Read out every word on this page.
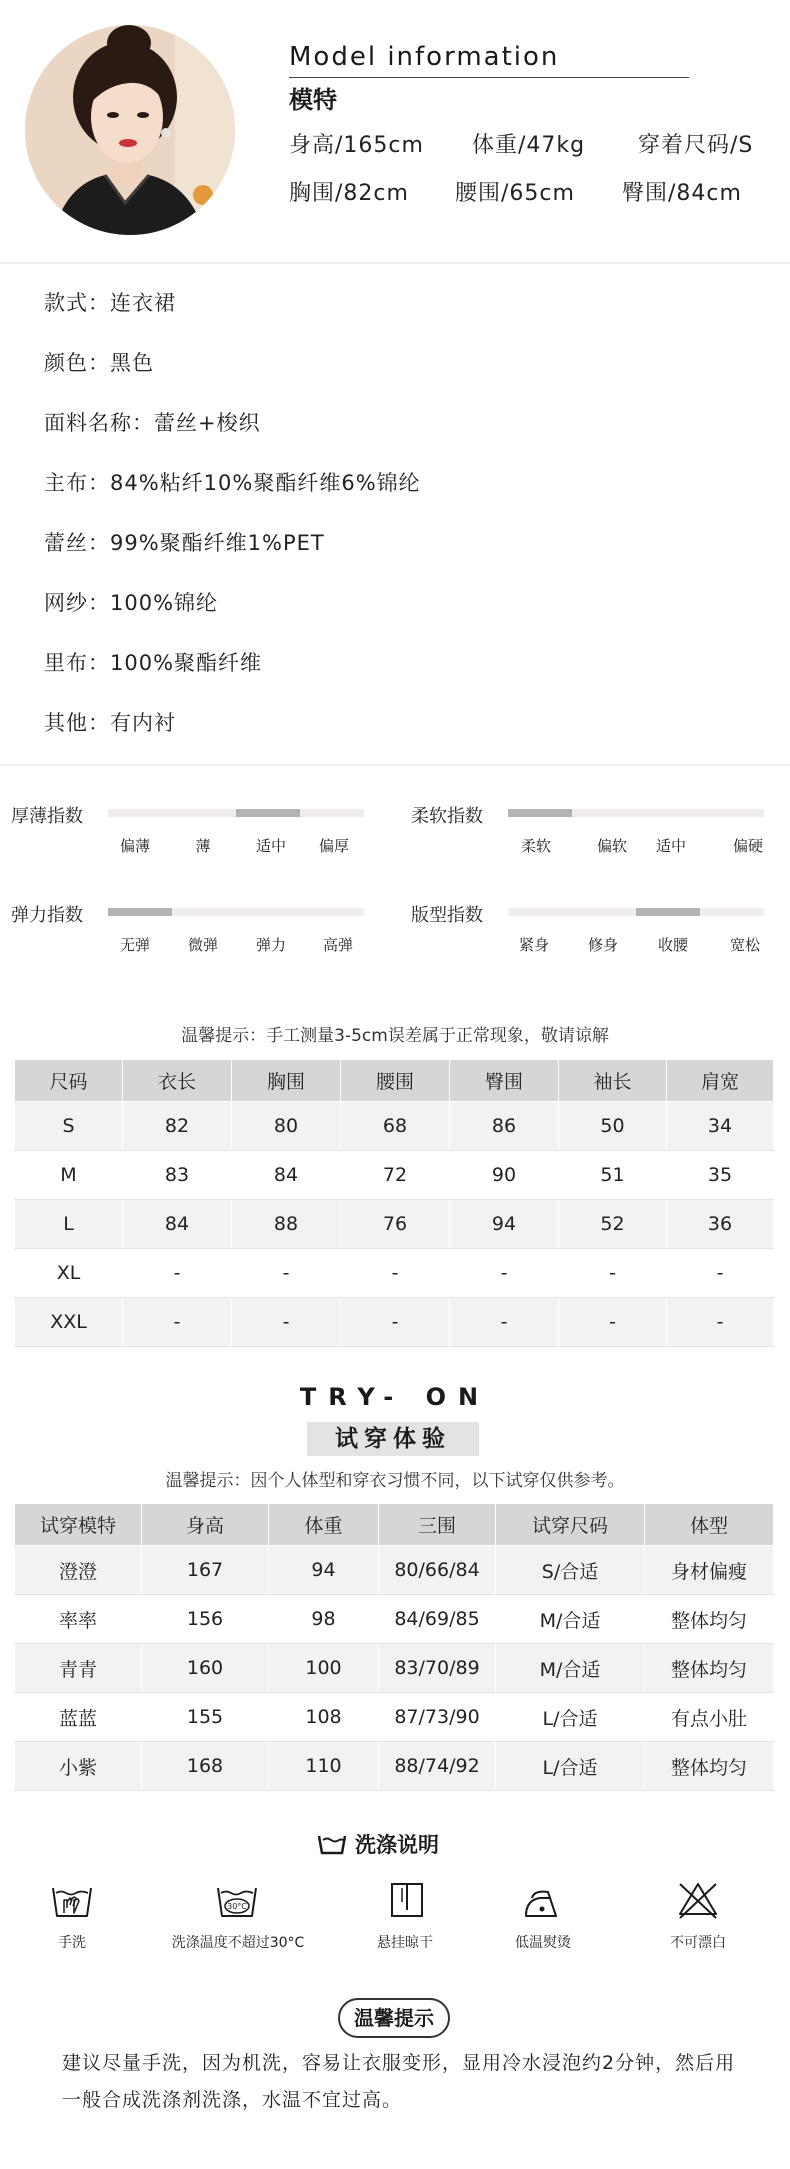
Model information
模特
身高/165cm 体重/47kg 穿着尺码/S
胸围/82cm 腰围/65cm 臀围/84cm
款式：连衣裙
颜色：黑色
面料名称：蕾丝+梭织
主布：84%粘纤10%聚酯纤维6%锦纶
蕾丝：99%聚酯纤维1%PET
网纱：100%锦纶
里布：100%聚酯纤维
其他：有内衬
厚薄指数
偏薄	薄	适中 偏厚
柔软指数
柔软	偏软 适中	偏硬
弹力指数
无弹	微弹	弹力 高弹
版型指数
紧身	修身	收腰	宽松
温馨提示：手工测量3-5cm误差属于正常现象，敬请谅解
尺码	衣长	胸围	腰围	臀围	袖长	肩宽
S	82	80	68	86	50	34
M	83	84	72	90	51	35
L	84	88	76	94	52	36
XL	-	-	-	-	-	-
XXL	-	-	-	-	-	-
TRY- ON
试穿体验
温馨提示：因个人体型和穿衣习惯不同，以下试穿仅供参考。
试穿模特	身高	体重	三围	试穿尺码	体型
澄澄	167	94	80/66/84	S/合适	身材偏瘦
率率	156	98	84/69/85	M/合适	整体均匀
青青	160	100	83/70/89	M/合适	整体均匀
蓝蓝	155	108	87/73/90	L/合适	有点小肚
小紫	168	110	88/74/92	L/合适	整体均匀
洗涤说明
30°C
手洗	洗涤温度不超过30°C	悬挂晾干	低温熨烫	不可漂白
温馨提示
建议尽量手洗，因为机洗，容易让衣服变形，显用冷水浸泡约2分钟，然后用一般合成洗涤剂洗涤，水温不宜过高。
